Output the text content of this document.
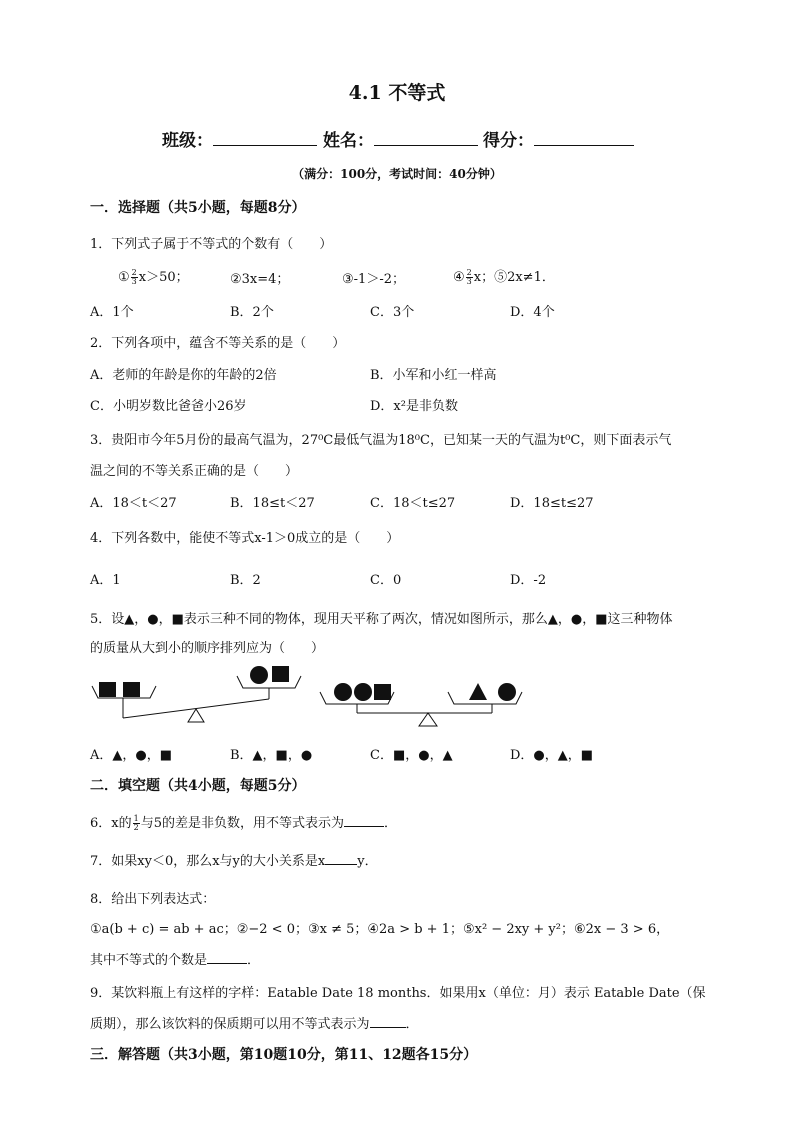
4.1 不等式
班级：	姓名：	得分：
（满分：100分，考试时间：40分钟）
一．选择题（共5小题，每题8分）
1．下列式子属于不等式的个数有（　　）
① $\frac{2}{3} x>50$；	②3x=4；	③-1＞-2；	④ $\frac{2}{3}$ x；⑤2x≠1．
A．1个	B．2个	C．3个	D．4个
2．下列各项中，蕴含不等关系的是（　　）
A．老师的年龄是你的年龄的2倍	B．小军和小红一样高
C．小明岁数比爸爸小26岁	D．x²是非负数
3．贵阳市今年5月份的最高气温为，27⁰C最低气温为18⁰C，已知某一天的气温为t⁰C，则下面表示气
温之间的不等关系正确的是（　　）
A．18＜t＜27	B．18≤t＜27	C．18＜t≤27	D．18≤t≤27
4．下列各数中，能使不等式x-1＞0成立的是（　　）
A．1	B．2	C．0	D．-2
5．设▲，●，■表示三种不同的物体，现用天平称了两次，情况如图所示，那么▲，●，■这三种物体
的质量从大到小的顺序排列应为（　　）
A．▲，●，■	B．▲，■，●	C．■，●，▲	D．●，▲，■
二．填空题（共4小题，每题5分）
6．x的 $\frac{1}{2}$ 与5的差是非负数，用不等式表示为	．
7．如果xy＜0，那么x与y的大小关系是x y．
8．给出下列表达式：
①a(b + c) = ab + ac；②−2 < 0；③x ≠ 5；④2a > b + 1；⑤x² − 2xy + y²；⑥2x − 3 > 6，
其中不等式的个数是	．
9．某饮料瓶上有这样的字样：Eatable Date 18 months．如果用x（单位：月）表示 Eatable Date（保
质期），那么该饮料的保质期可以用不等式表示为	．
三．解答题（共3小题，第10题10分，第11、12题各15分）
